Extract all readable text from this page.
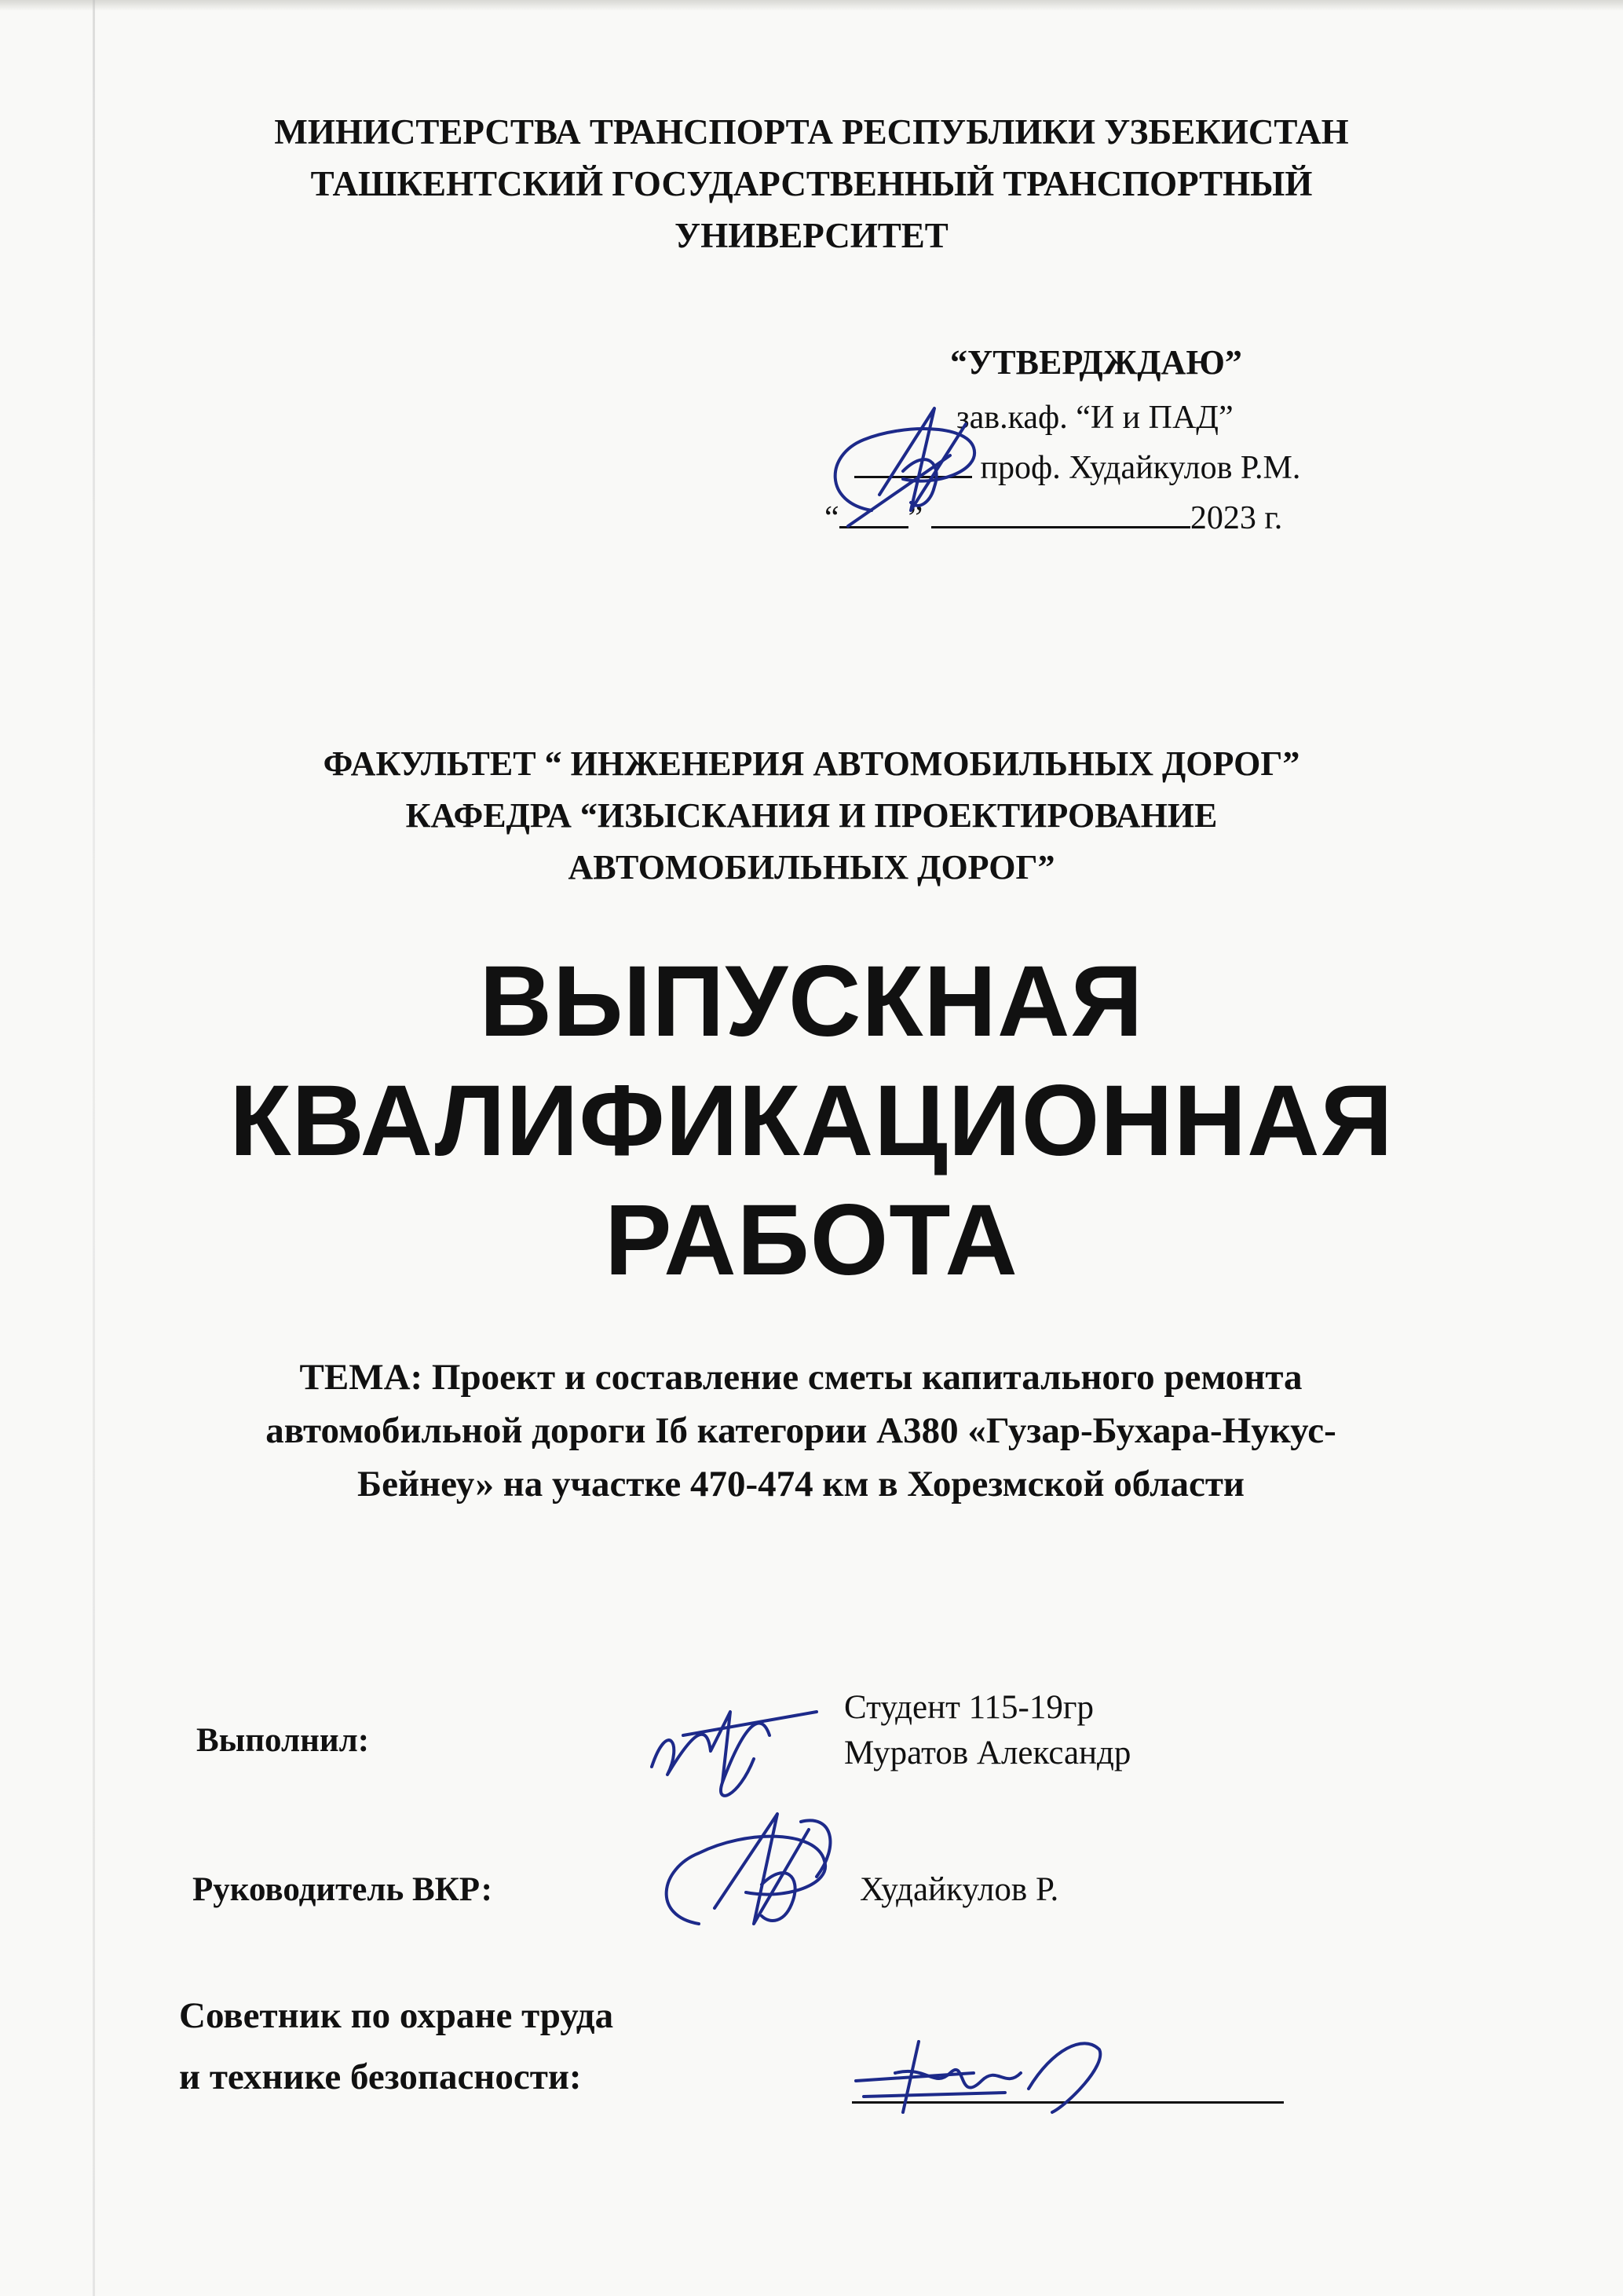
МИНИСТЕРСТВА ТРАНСПОРТА РЕСПУБЛИКИ УЗБЕКИСТАН
ТАШКЕНТСКИЙ ГОСУДАРСТВЕННЫЙ ТРАНСПОРТНЫЙ
УНИВЕРСИТЕТ
“УТВЕРДЖДАЮ”
зав.каф. “И и ПАД”
проф. Худайкулов Р.М.
“ ”	2023 г.
ФАКУЛЬТЕТ “ ИНЖЕНЕРИЯ АВТОМОБИЛЬНЫХ ДОРОГ”
КАФЕДРА “ИЗЫСКАНИЯ И ПРОЕКТИРОВАНИЕ
АВТОМОБИЛЬНЫХ ДОРОГ”
ВЫПУСКНАЯ
КВАЛИФИКАЦИОННАЯ
РАБОТА
ТЕМА: Проект и составление сметы капитального ремонта
автомобильной дороги Iб категории А380 «Гузар-Бухара-Нукус-
Бейнеу» на участке 470-474 км в Хорезмской области
Выполнил:
Студент 115-19гр
Муратов Александр
Руководитель ВКР:	Худайкулов Р.
Советник по охране труда
и технике безопасности:
